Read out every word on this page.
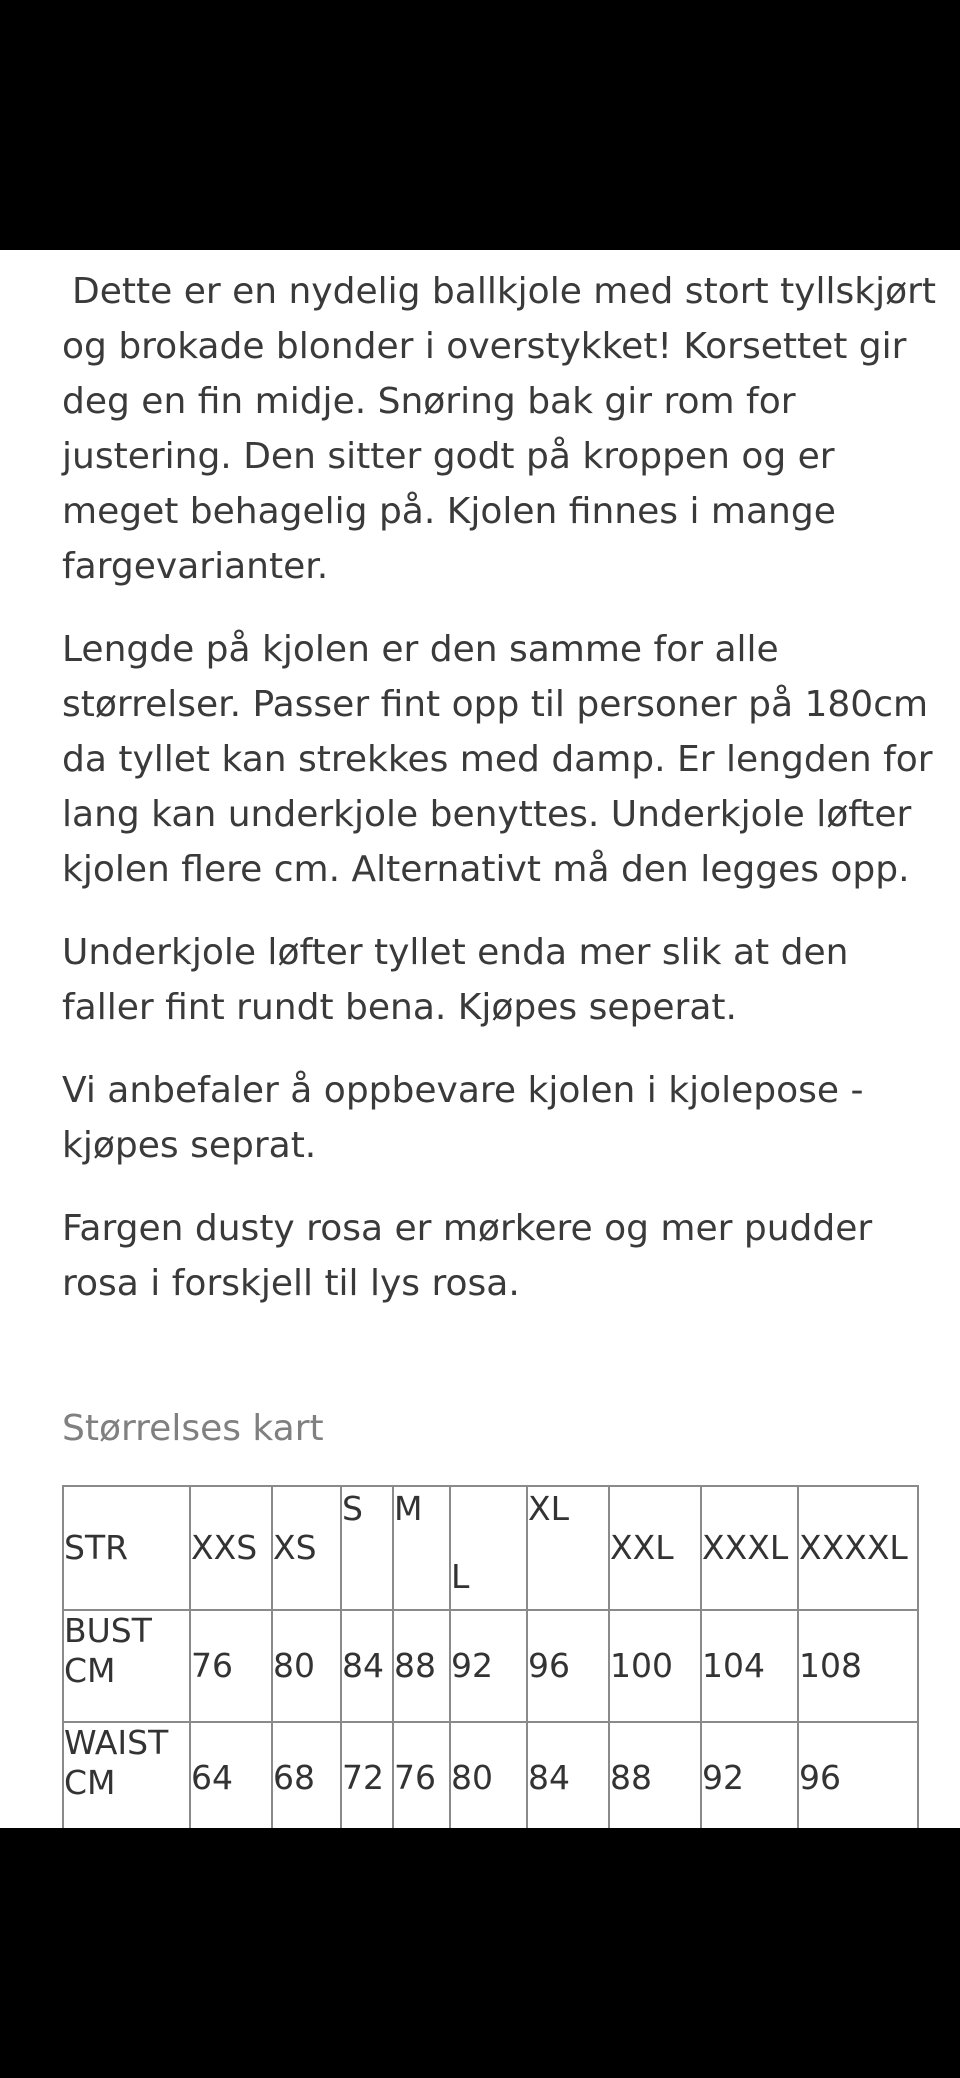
Dette er en nydelig ballkjole med stort tyllskjørt og brokade blonder i overstykket! Korsettet gir deg en fin midje. Snøring bak gir rom for justering. Den sitter godt på kroppen og er meget behagelig på. Kjolen finnes i mange fargevarianter.

Lengde på kjolen er den samme for alle størrelser. Passer fint opp til personer på 180cm da tyllet kan strekkes med damp. Er lengden for lang kan underkjole benyttes. Underkjole løfter kjolen flere cm. Alternativt må den legges opp.

Underkjole løfter tyllet enda mer slik at den faller fint rundt bena. Kjøpes seperat.

Vi anbefaler å oppbevare kjolen i kjolepose - kjøpes seprat.

Fargen dusty rosa er mørkere og mer pudder rosa i forskjell til lys rosa.

Størrelses kart
STR	XXS	XS	S	M	L	XL	XXL	XXXL	XXXXL
BUST
CM	76	80	84	88	92	96	100	104	108
WAIST
CM	64	68	72	76	80	84	88	92	96
